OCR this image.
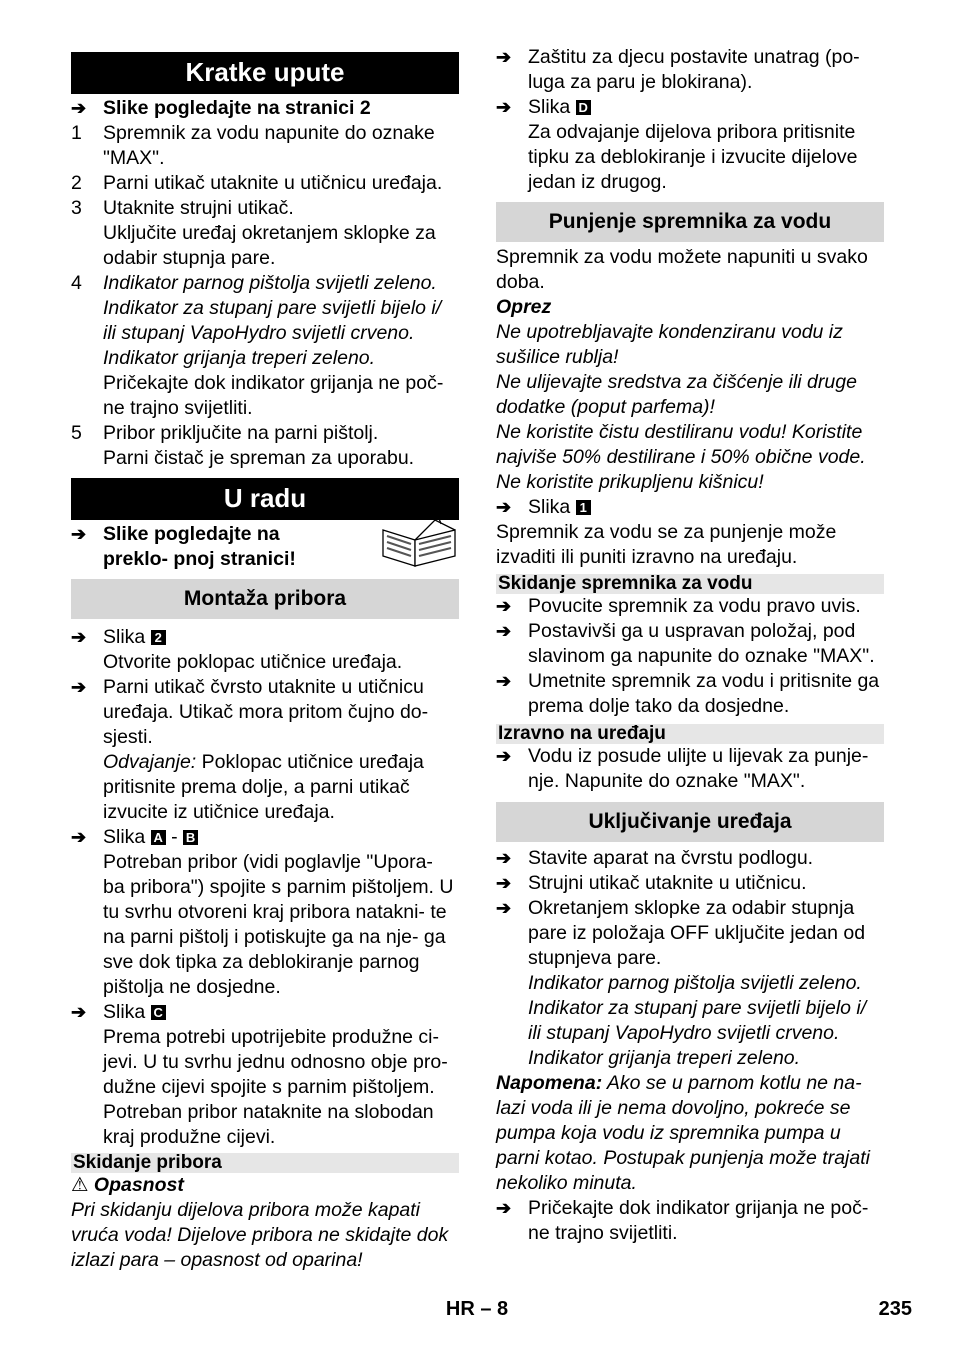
Kratke upute
➔ Slike pogledajte na stranici 2
1	Spremnik za vodu napunite do oznake "MAX".
2	Parni utikač utaknite u utičnicu uređaja.
3	Utaknite strujni utikač.
Uključite uređaj okretanjem sklopke za odabir stupnja pare.
4	Indikator parnog pištolja svijetli zeleno. Indikator za stupanj pare svijetli bijelo i/ ili stupanj VapoHydro svijetli crveno. Indikator grijanja treperi zeleno.
Pričekajte dok indikator grijanja ne poč- ne trajno svijetliti.
5	Pribor priključite na parni pištolj.
Parni čistač je spreman za uporabu.
U radu
➔ Slike pogledajte na preklo- pnoj stranici!
Montaža pribora
➔ Slika 2
Otvorite poklopac utičnice uređaja.
➔ Parni utikač čvrsto utaknite u utičnicu uređaja. Utikač mora pritom čujno do- sjesti.
Odvajanje: Poklopac utičnice uređaja pritisnite prema dolje, a parni utikač izvucite iz utičnice uređaja.
➔ Slika A - B
Potreban pribor (vidi poglavlje "Upora- ba pribora") spojite s parnim pištoljem. U tu svrhu otvoreni kraj pribora natakni- te na parni pištolj i potiskujte ga na nje- ga sve dok tipka za deblokiranje parnog pištolja ne dosjedne.
➔ Slika C
Prema potrebi upotrijebite produžne ci- jevi. U tu svrhu jednu odnosno obje pro- dužne cijevi spojite s parnim pištoljem. Potreban pribor nataknite na slobodan kraj produžne cijevi.
Skidanje pribora
⚠ Opasnost
Pri skidanju dijelova pribora može kapati vruća voda! Dijelove pribora ne skidajte dok izlazi para – opasnost od oparina!
➔ Zaštitu za djecu postavite unatrag (po- luga za paru je blokirana).
➔ Slika D
Za odvajanje dijelova pribora pritisnite tipku za deblokiranje i izvucite dijelove jedan iz drugog.
Punjenje spremnika za vodu
Spremnik za vodu možete napuniti u svako doba.
Oprez
Ne upotrebljavajte kondenziranu vodu iz sušilice rublja!
Ne ulijevajte sredstva za čišćenje ili druge dodatke (poput parfema)!
Ne koristite čistu destiliranu vodu! Koristite najviše 50% destilirane i 50% obične vode.
Ne koristite prikupljenu kišnicu!
➔ Slika 1
Spremnik za vodu se za punjenje može izvaditi ili puniti izravno na uređaju.
Skidanje spremnika za vodu
➔ Povucite spremnik za vodu pravo uvis.
➔ Postavivši ga u uspravan položaj, pod slavinom ga napunite do oznake "MAX".
➔ Umetnite spremnik za vodu i pritisnite ga prema dolje tako da dosjedne.
Izravno na uređaju
➔ Vodu iz posude ulijte u lijevak za punje- nje. Napunite do oznake "MAX".
Uključivanje uređaja
➔ Stavite aparat na čvrstu podlogu.
➔ Strujni utikač utaknite u utičnicu.
➔ Okretanjem sklopke za odabir stupnja pare iz položaja OFF uključite jedan od stupnjeva pare.
Indikator parnog pištolja svijetli zeleno. Indikator za stupanj pare svijetli bijelo i/ ili stupanj VapoHydro svijetli crveno. Indikator grijanja treperi zeleno.
Napomena: Ako se u parnom kotlu ne na- lazi voda ili je nema dovoljno, pokreće se pumpa koja vodu iz spremnika pumpa u parni kotao. Postupak punjenja može trajati nekoliko minuta.
➔ Pričekajte dok indikator grijanja ne poč- ne trajno svijetliti.
HR – 8	235
